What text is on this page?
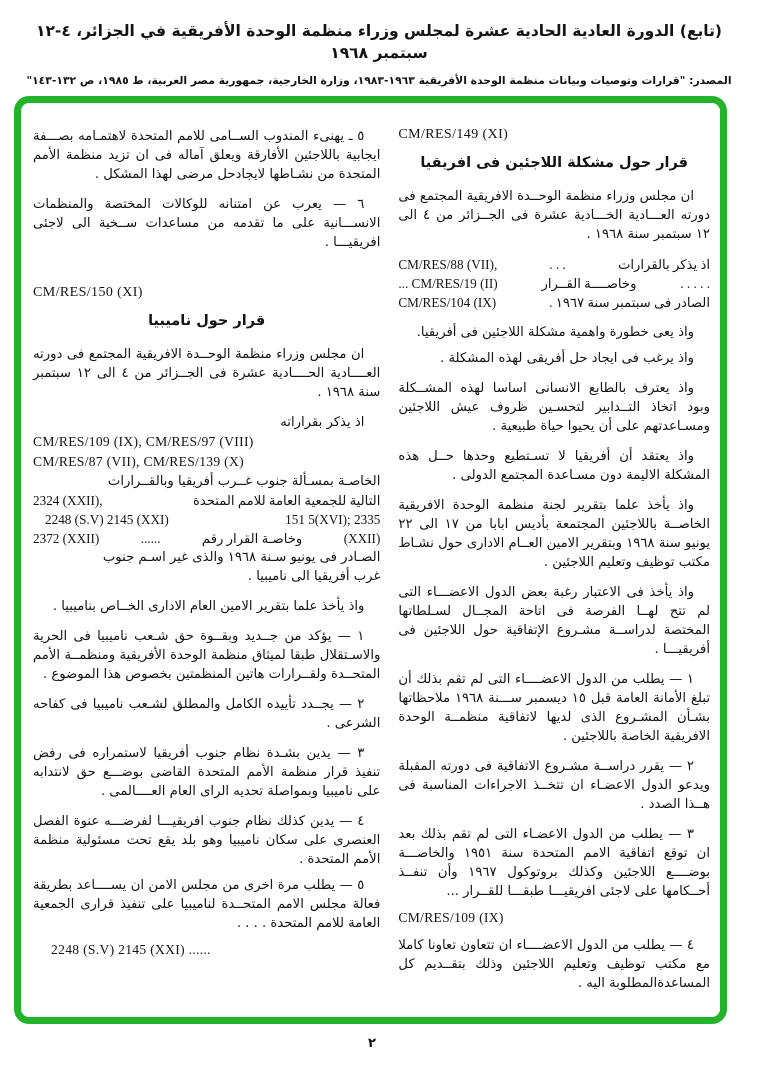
(تابع) الدورة العادية الحادية عشرة لمجلس وزراء منظمة الوحدة الأفريقية في الجزائر، ٤-١٢ سبتمبر ١٩٦٨
المصدر: "قرارات وتوصيات وبيانات منظمة الوحدة الأفريقية ١٩٦٣-١٩٨٣، وزارة الخارجية، جمهورية مصر العربية، ط ١٩٨٥، ص ١٣٢-١٤٣"
CM/RES/149 (XI)
قرار حول مشكلة اللاجئين فى افريقيا

ان مجلس وزراء منظمة الوحــدة الافريقية المجتمع فى دورته العـــادية الخـــادية عشرة فى الجــزائر من ٤ الى ١٢ سبتمبر سنة ١٩٦٨ .

CM/RES/88 (VII),	. . .	اذ يذكر بالقرارات
... CM/RES/19 (II)	وخاصــــة القــرار	. . . . .
CM/RES/104 (IX)	الصادر فى سبتمبر سنة ١٩٦٧ .

واذ يعى خطورة واهمية مشكلة اللاجئين فى أفريقيا.

واذ يرغب فى ايجاد حل أفريقى لهذه المشكلة .

واذ يعترف بالطابع الانسانى اساسا لهذه المشــكلة وبود اتخاذ التــدابير لتحسـين ظروف عيش اللاجئين ومسـاعدتهم على أن يحيوا حياة طبيعية .

واذ يعتقد أن أفريقيا لا تسـتطيع وحدها حــل هذه المشكلة الاليمة دون مسـاعدة المجتمع الدولى .

واذ يأخذ علما بتقرير لجنة منظمة الوحدة الافريقية الخاصــة باللاجئين المجتمعة بأديس ابابا من ١٧ الى ٢٢ يونيو سنة ١٩٦٨ وبتقرير الامين العــام الادارى حول نشـاط مكتب توظيف وتعليم اللاجئين .

واذ يأخذ فى الاعتبار رغبة بعض الدول الاعضـــاء التى لم تتح لهــا الفرصة فى اتاحة المجــال لسـلطاتها المختصة لدراســة مشـروع الإتفاقية حول اللاجئين فى أفريقيـــا .

١ — يطلب من الدول الاعضــــاء التى لم تقم بذلك أن تبلغ الأمانة العامة قبل ١٥ ديسمبر ســـنة ١٩٦٨ ملاحظاتها بشـأن المشـروع الذى لديها لاتفاقية منظمــة الوحدة الافريقية الخاصة باللاجئين .

٢ — يقرر دراســة مشـروع الاتفاقية فى دورته المقبلة ويدعو الدول الاعضـاء ان تتخــذ الاجراءات المناسبة فى هــذا الصدد .

٣ — يطلب من الدول الاعضـاء التى لم تقم بذلك بعد ان توقع اتفاقية الامم المتحدة سنة ١٩٥١ والخاصـــة بوضــــع اللاجئين وكذلك بروتوكول ١٩٦٧ وأن تنفــذ أحــكامها على لاجئى افريقيـــا طبقـــا للقــرار ...

CM/RES/109 (IX)

٤ — يطلب من الدول الاعضــــاء ان تتعاون تعاونا كاملا مع مكتب توظيف وتعليم اللاجئين وذلك بتقــديم كل المساعدةالمطلوبة اليه .

٥ ـ يهنىء المندوب الســامى للامم المتحدة لاهتمـامه بصـــفة ايجابية باللاجئين الأفارقة ويعلق آماله فى ان تزيد منظمة الأمم المتحدة من نشـاطها لايجادحل مرضى لهذا المشكل .

٦ — يعرب عن امتنانه للوكالات المختصة والمنظمات الانســـانية على ما تقدمه من مساعدات ســخية الى لاجئى افريقيـــا .

CM/RES/150 (XI)
قرار حول ناميبيا

ان مجلس وزراء منظمة الوحــدة الافريقية المجتمع فى دورته العــــادية الحــــادية عشرة فى الجــزائر من ٤ الى ١٢ سبتمبر سنة ١٩٦٨ .

اذ يذكر بقراراته
CM/RES/109 (IX), CM/RES/97 (VIII)
CM/RES/87 (VII), CM/RES/139 (X)
الخاصـة بمسـألة جنوب غــرب أفريقيا وبالقــرارات
2324 (XXII),	التالية للجمعية العامة للامم المتحدة
2248 (S.V) 2145 (XXI)	151 5(XVI); 2335
2372 (XXII)	......	وخاصـة القرار رقم	(XXII)
الصـادر فى يونيو سـنة ١٩٦٨ والذى غير اسـم جنوب
غرب أفريقيا الى ناميبيا .

واذ يأخذ علما بتقرير الامين العام الادارى الخــاص بناميبيا .

١ — يؤكد من جــديد وبقــوة حق شـعب ناميبيا فى الحرية والاسـتقلال طبقا لميثاق منظمة الوحدة الأفريقية ومنظمــة الأمم المتحــدة ولقــرارات هاتين المنظمتين بخصوص هذا الموضوع .

٢ — يجــدد تأييده الكامل والمطلق لشـعب ناميبيا فى كفاحه الشرعى .

٣ — يدين بشـدة نظام جنوب أفريقيا لاستمراره فى رفض تنفيذ قرار منظمة الأمم المتحدة القاضى بوضـــع حق لانتدابه على ناميبيا وبمواصلة تحديه الراى العام العــــالمى .

٤ — يدين كذلك نظام جنوب افريقيـــا لفرضـــه عنوة الفصل العنصرى على سكان ناميبيا وهو بلد يقع تحت مسئولية منظمة الأمم المتحدة .

٥ — يطلب مرة اخرى من مجلس الامن ان يســــاعد بطريقة فعالة مجلس الامم المتحــدة لناميبيا على تنفيذ قرارى الجمعية العامة للامم المتحدة . . . .

2248 (S.V) 2145 (XXI) ......
٢
